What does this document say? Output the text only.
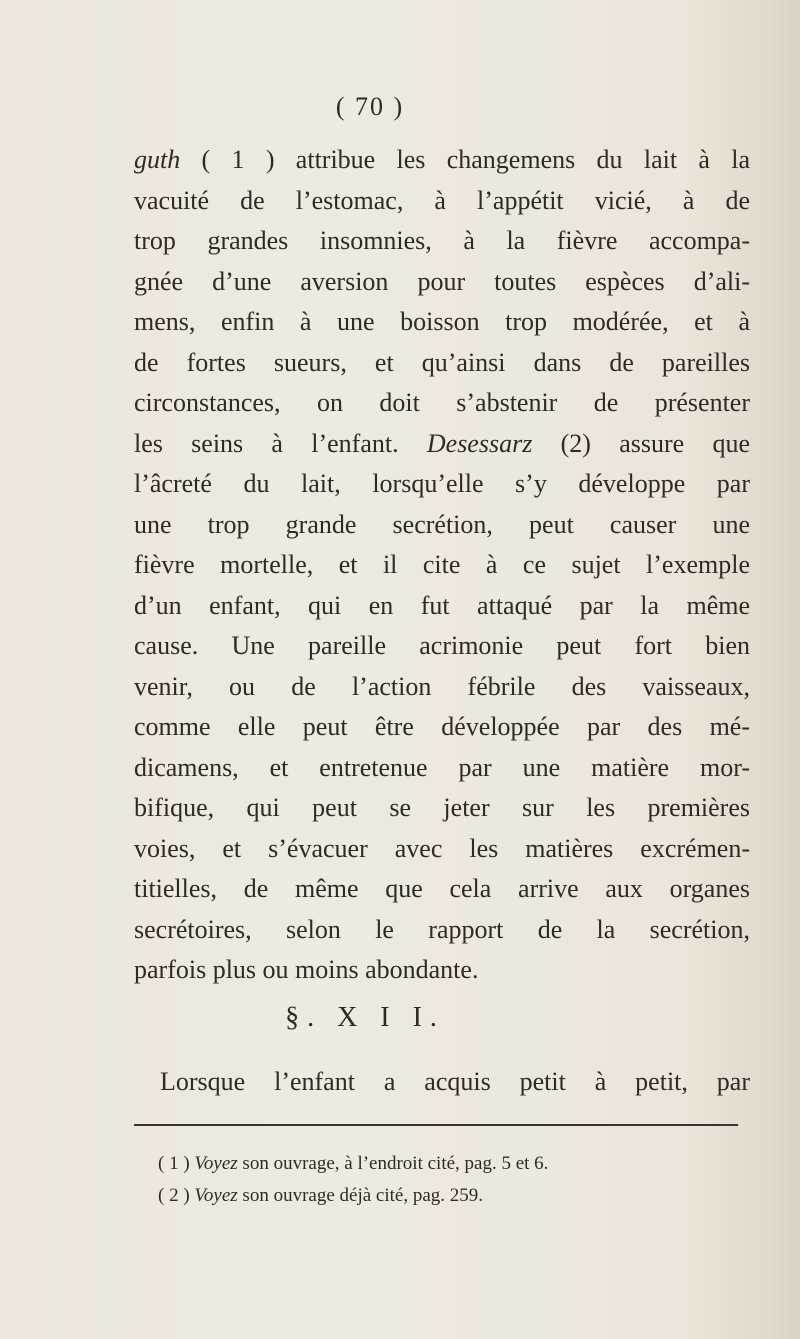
( 70 )
guth ( 1 ) attribue les changemens du lait à la
vacuité de l’estomac, à l’appétit vicié, à de
trop grandes insomnies, à la fièvre accompa-
gnée d’une aversion pour toutes espèces d’ali-
mens, enfin à une boisson trop modérée, et à
de fortes sueurs, et qu’ainsi dans de pareilles
circonstances, on doit s’abstenir de présenter
les seins à l’enfant. Desessarz (2) assure que
l’âcreté du lait, lorsqu’elle s’y développe par
une trop grande secrétion, peut causer une
fièvre mortelle, et il cite à ce sujet l’exemple
d’un enfant, qui en fut attaqué par la même
cause. Une pareille acrimonie peut fort bien
venir, ou de l’action fébrile des vaisseaux,
comme elle peut être développée par des mé-
dicamens, et entretenue par une matière mor-
bifique, qui peut se jeter sur les premières
voies, et s’évacuer avec les matières excrémen-
titielles, de même que cela arrive aux organes
secrétoires, selon le rapport de la secrétion,
parfois plus ou moins abondante.
§. X I I.
Lorsque l’enfant a acquis petit à petit, par
( 1 ) Voyez son ouvrage, à l’endroit cité, pag. 5 et 6.
( 2 ) Voyez son ouvrage déjà cité, pag. 259.
